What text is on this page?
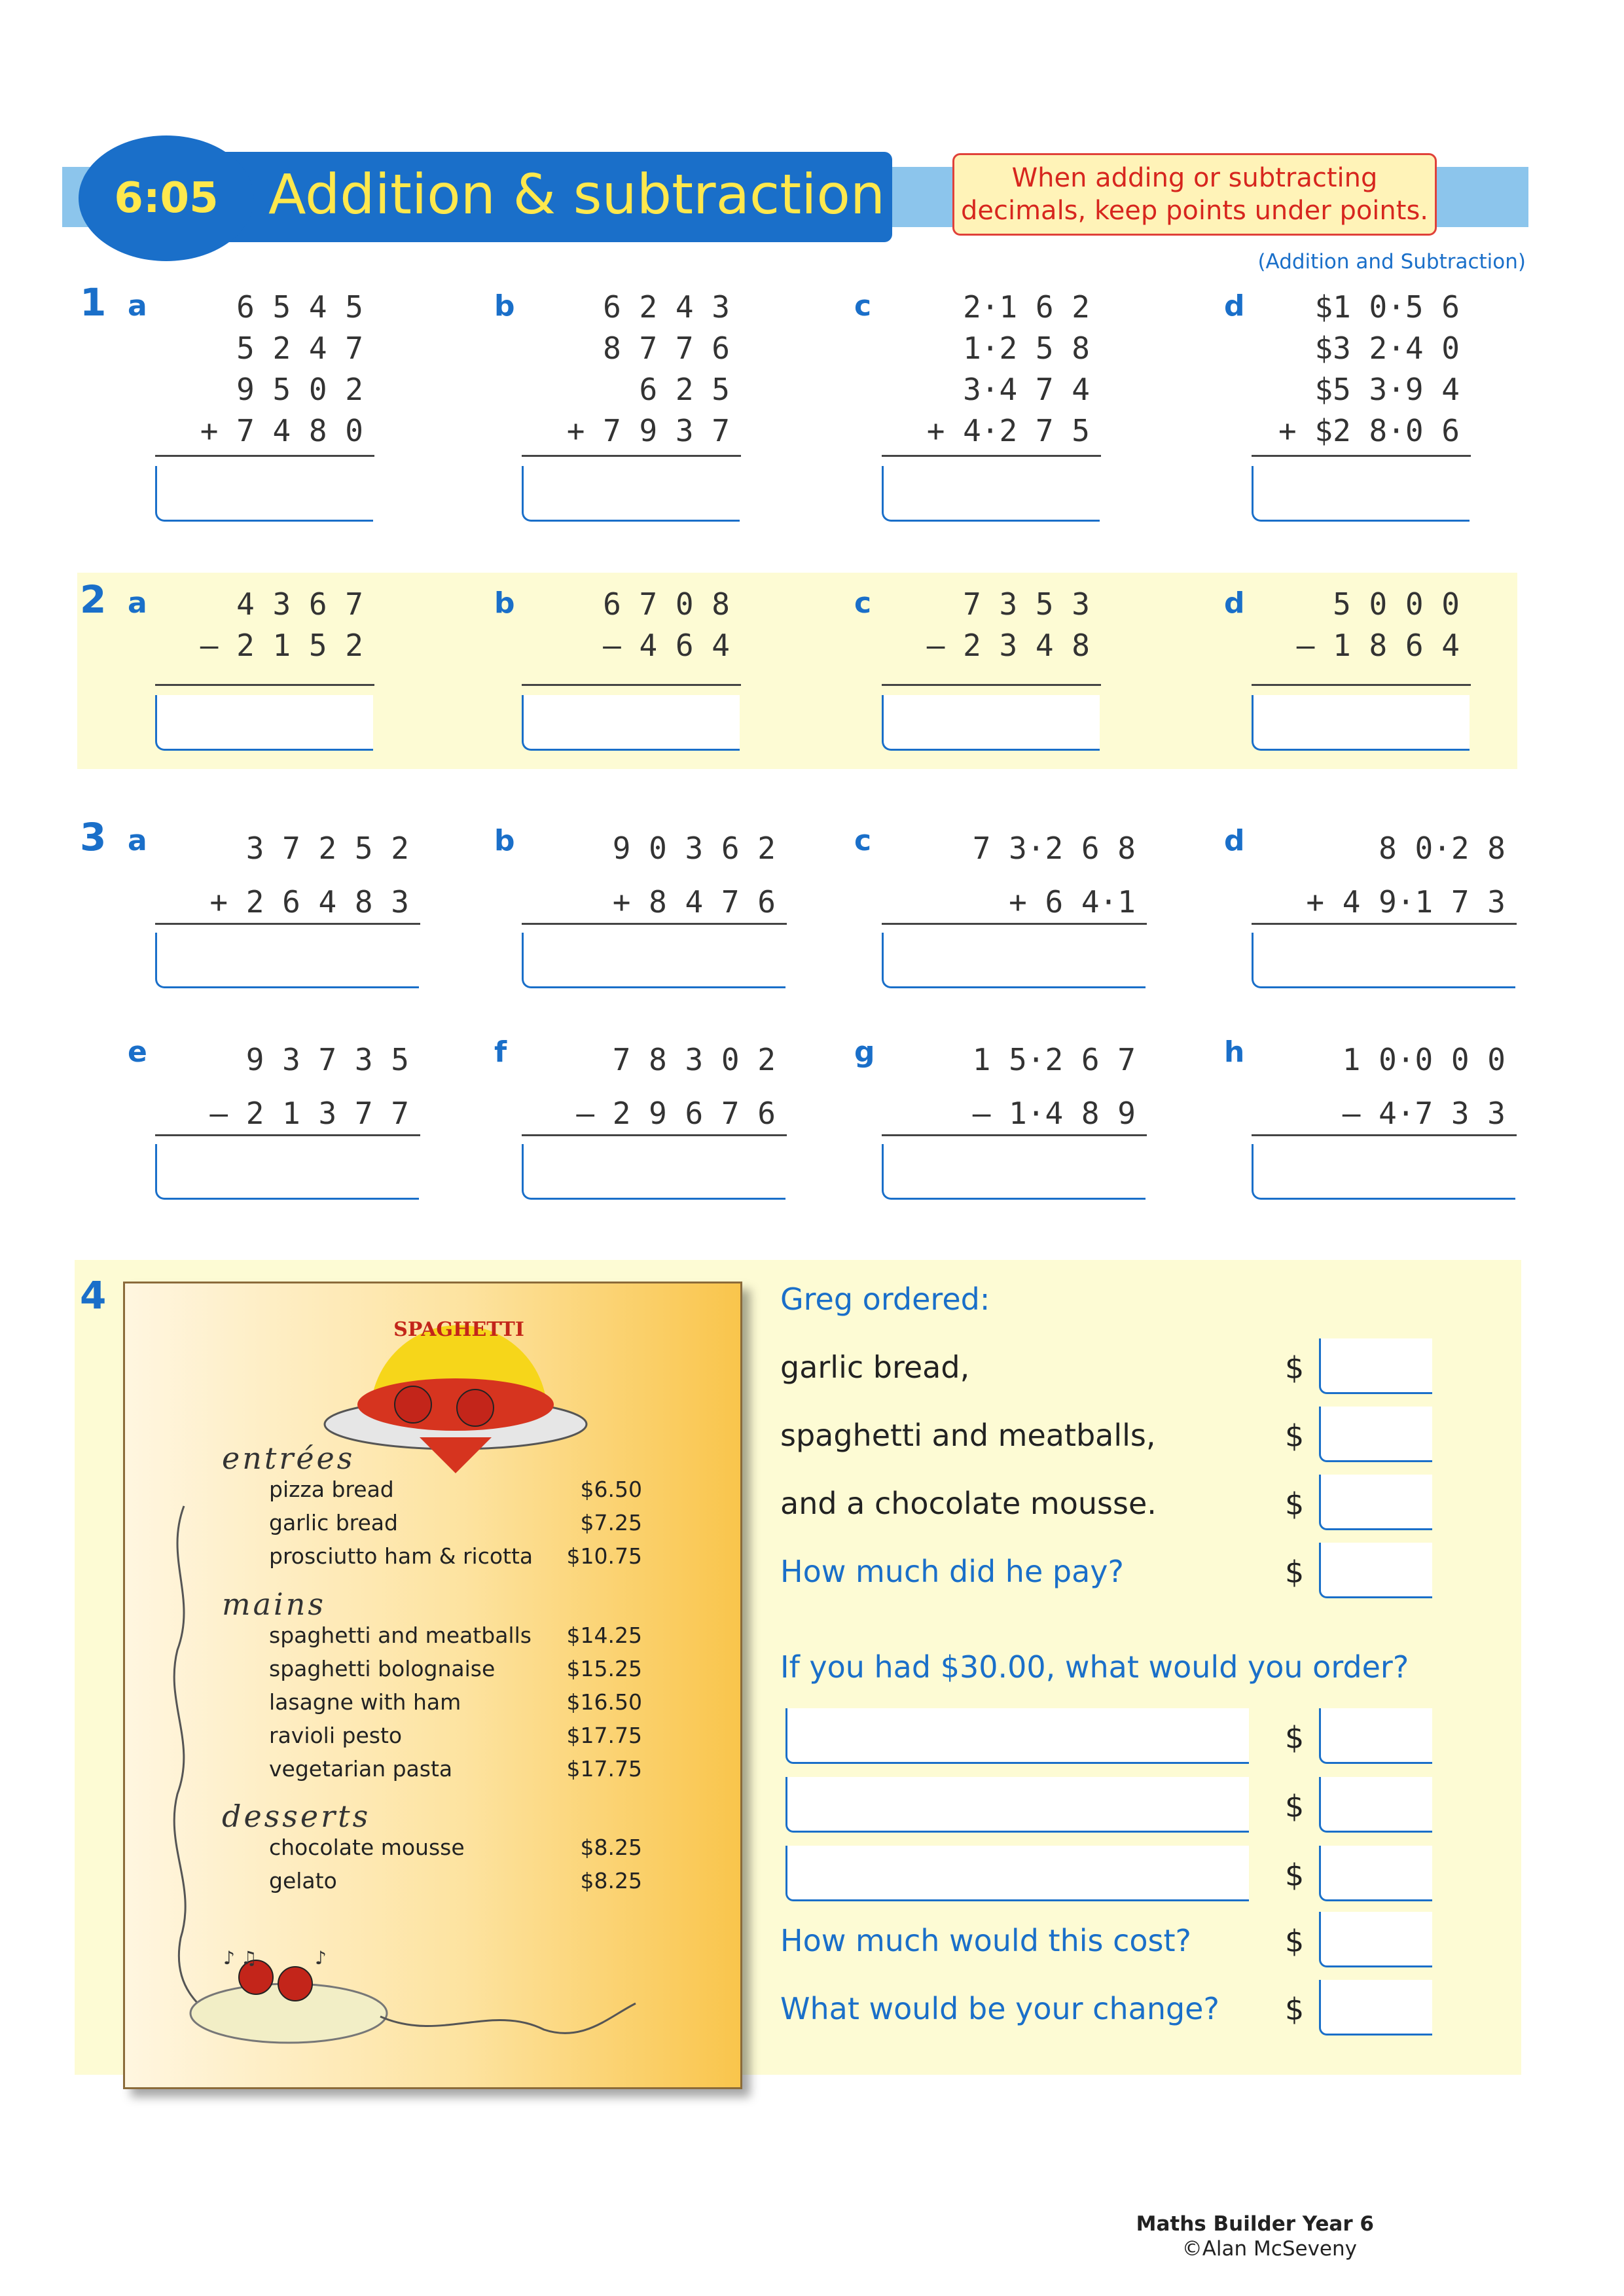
6:05 Addition & subtraction	When adding or subtracting
decimals, keep points under points.
(Addition and Subtraction)
1
2
3
4
a	6 5 4 5
5 2 4 7
9 5 0 2
+ 7 4 8 0
b	6 2 4 3
8 7 7 6
6 2 5
+ 7 9 3 7
c	2·1 6 2
1·2 5 8
3·4 7 4
+ 4·2 7 5
d	$1 0·5 6
$3 2·4 0
$5 3·9 4
+ $2 8·0 6
a	4 3 6 7
– 2 1 5 2
b	6 7 0 8
– 4 6 4
c	7 3 5 3
– 2 3 4 8
d	5 0 0 0
– 1 8 6 4
a	3 7 2 5 2
+ 2 6 4 8 3
b	9 0 3 6 2
+ 8 4 7 6
c	7 3·2 6 8
+ 6 4·1
d	8 0·2 8
+ 4 9·1 7 3
e	9 3 7 3 5
– 2 1 3 7 7
f	7 8 3 0 2
– 2 9 6 7 6
g	1 5·2 6 7
– 1·4 8 9
h	1 0·0 0 0
– 4·7 3 3
SPAGHETTI
♪ ♫	♪
entrées
pizza bread	$6.50
garlic bread	$7.25
prosciutto ham & ricotta	$10.75
mains
spaghetti and meatballs	$14.25
spaghetti bolognaise	$15.25
lasagne with ham	$16.50
ravioli pesto	$17.75
vegetarian pasta	$17.75
desserts
chocolate mousse	$8.25
gelato	$8.25
Greg ordered:
garlic bread,
spaghetti and meatballs,
and a chocolate mousse.
How much did he pay?
If you had $30.00, what would you order?
How much would this cost?
What would be your change?
$
$
$
$
$
$
$
$
$
Maths Builder Year 6
©Alan McSeveny
